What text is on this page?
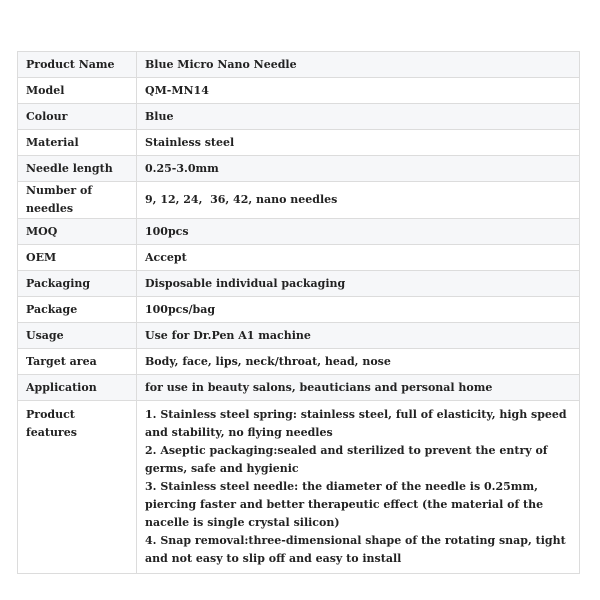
Product Name	Blue Micro Nano Needle
Model	QM-MN14
Colour	Blue
Material	Stainless steel
Needle length	0.25-3.0mm
Number of needles	9, 12, 24,  36, 42, nano needles
MOQ	100pcs
OEM	Accept
Packaging	Disposable individual packaging
Package	100pcs/bag
Usage	Use for Dr.Pen A1 machine
Target area	Body, face, lips, neck/throat, head, nose
Application	for use in beauty salons, beauticians and personal home
Product features	1. Stainless steel spring: stainless steel, full of elasticity, high speed and stability, no flying needles
2. Aseptic packaging:sealed and sterilized to prevent the entry of germs, safe and hygienic
3. Stainless steel needle: the diameter of the needle is 0.25mm, piercing faster and better therapeutic effect (the material of the nacelle is single crystal silicon)
4. Snap removal:three-dimensional shape of the rotating snap, tight and not easy to slip off and easy to install
